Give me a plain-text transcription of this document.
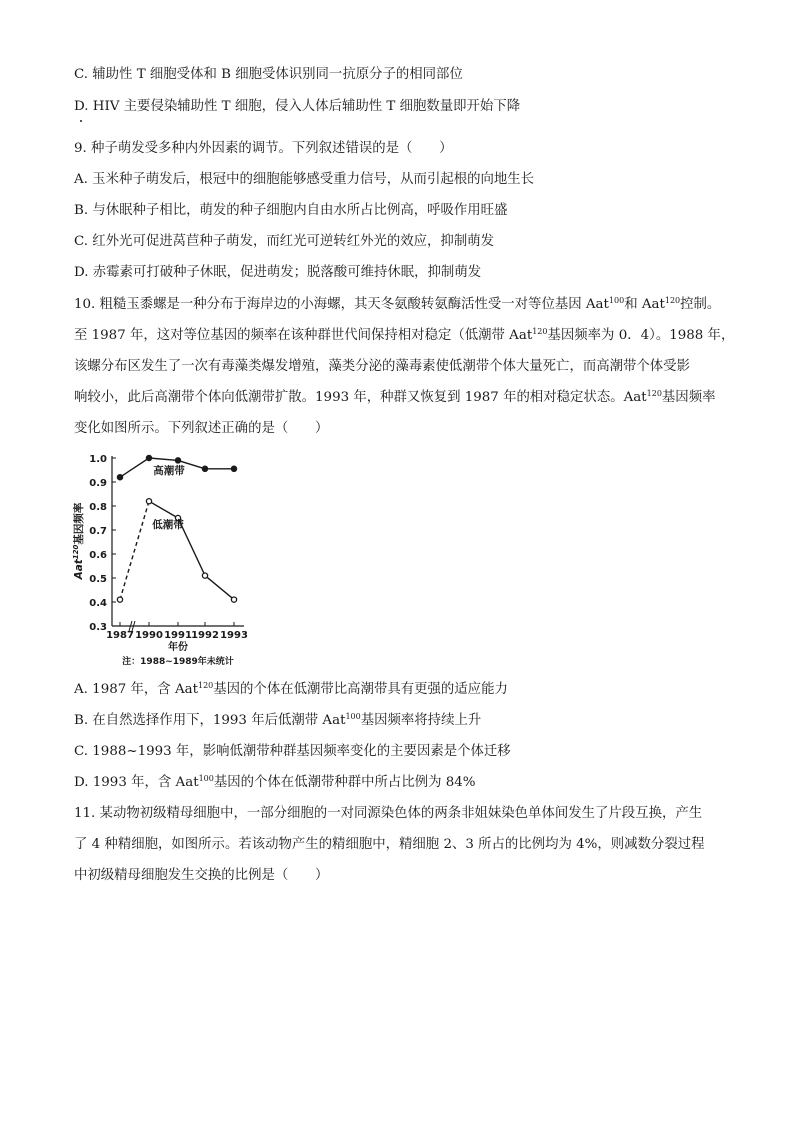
C. 辅助性 T 细胞受体和 B 细胞受体识别同一抗原分子的相同部位
D. HIV 主要侵染辅助性 T 细胞，侵入人体后辅助性 T 细胞数量即开始下降
9. 种子萌发受多种内外因素的调节。下列叙述错误的是（　　）
A. 玉米种子萌发后，根冠中的细胞能够感受重力信号，从而引起根的向地生长
B. 与休眠种子相比，萌发的种子细胞内自由水所占比例高，呼吸作用旺盛
C. 红外光可促进莴苣种子萌发，而红光可逆转红外光的效应，抑制萌发
D. 赤霉素可打破种子休眠，促进萌发；脱落酸可维持休眠，抑制萌发
10. 粗糙玉黍螺是一种分布于海岸边的小海螺，其天冬氨酸转氨酶活性受一对等位基因 Aat$^{100}$和 Aat$^{120}$控制。
至 1987 年，这对等位基因的频率在该种群世代间保持相对稳定（低潮带 Aat$^{120}$基因频率为 0．4）。1988 年，
该螺分布区发生了一次有毒藻类爆发增殖，藻类分泌的藻毒素使低潮带个体大量死亡，而高潮带个体受影
响较小，此后高潮带个体向低潮带扩散。1993 年，种群又恢复到 1987 年的相对稳定状态。Aat$^{120}$基因频率
变化如图所示。下列叙述正确的是（　　）
1.0
0.9
0.8
0.7
0.6
0.5
0.4
0.3
1987 1990 1991 1992 1993
高潮带
低潮带
Aat$^{120}$基因频率
年份
注：1988~1989年未统计
A. 1987 年，含 Aat$^{120}$基因的个体在低潮带比高潮带具有更强的适应能力
B. 在自然选择作用下，1993 年后低潮带 Aat$^{100}$基因频率将持续上升
C. 1988~1993 年，影响低潮带种群基因频率变化的主要因素是个体迁移
D. 1993 年，含 Aat$^{100}$基因的个体在低潮带种群中所占比例为 84%
11. 某动物初级精母细胞中，一部分细胞的一对同源染色体的两条非姐妹染色单体间发生了片段互换，产生
了 4 种精细胞，如图所示。若该动物产生的精细胞中，精细胞 2、3 所占的比例均为 4%，则减数分裂过程
中初级精母细胞发生交换的比例是（　　）
